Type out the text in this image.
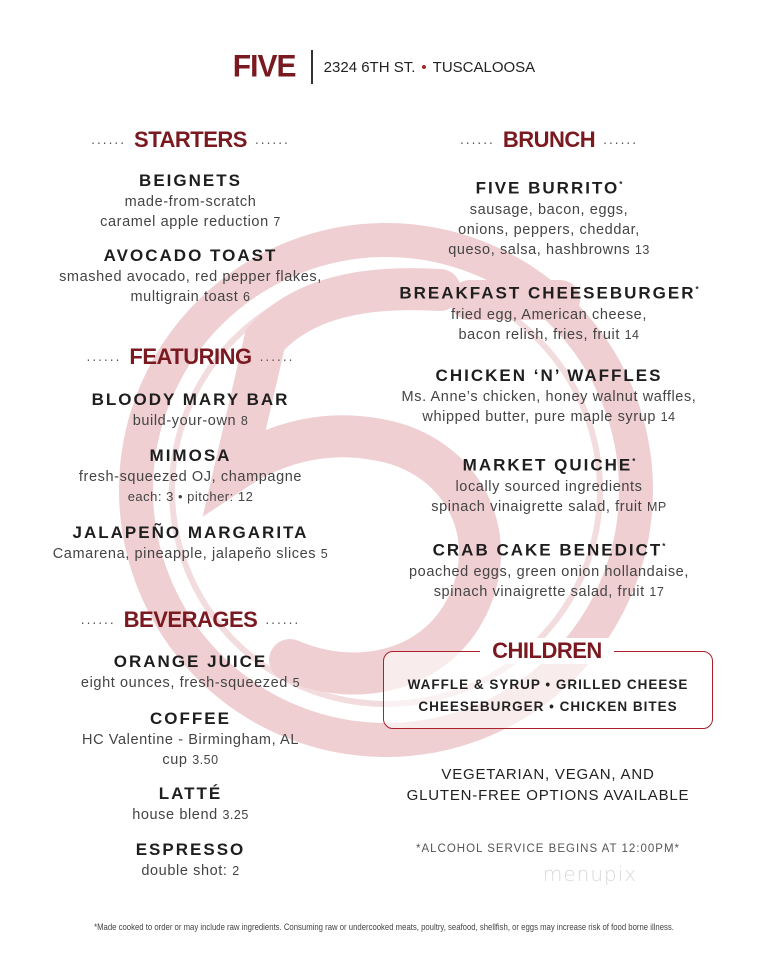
FIVE 2324 6TH ST. • TUSCALOOSA
...... STARTERS ......
BEIGNETS
made-from-scratch
caramel apple reduction 7
AVOCADO TOAST
smashed avocado, red pepper flakes,
multigrain toast 6
...... FEATURING ......
BLOODY MARY BAR
build-your-own 8
MIMOSA
fresh-squeezed OJ, champagne
each: 3 • pitcher: 12
JALAPEÑO MARGARITA
Camarena, pineapple, jalapeño slices 5
...... BEVERAGES ......
ORANGE JUICE
eight ounces, fresh-squeezed 5
COFFEE
HC Valentine - Birmingham, AL
cup 3.50
LATTÉ
house blend 3.25
ESPRESSO
double shot: 2
...... BRUNCH ......
FIVE BURRITO*
sausage, bacon, eggs,
onions, peppers, cheddar,
queso, salsa, hashbrowns 13
BREAKFAST CHEESEBURGER*
fried egg, American cheese,
bacon relish, fries, fruit 14
CHICKEN ‘N’ WAFFLES
Ms. Anne’s chicken, honey walnut waffles,
whipped butter, pure maple syrup 14
MARKET QUICHE*
locally sourced ingredients
spinach vinaigrette salad, fruit MP
CRAB CAKE BENEDICT*
poached eggs, green onion hollandaise,
spinach vinaigrette salad, fruit 17
CHILDREN
WAFFLE & SYRUP • GRILLED CHEESE
CHEESEBURGER • CHICKEN BITES
VEGETARIAN, VEGAN, AND
GLUTEN-FREE OPTIONS AVAILABLE
*ALCOHOL SERVICE BEGINS AT 12:00PM*
menupix
*Made cooked to order or may include raw ingredients. Consuming raw or undercooked meats, poultry, seafood, shellfish, or eggs may increase risk of food borne illness.
